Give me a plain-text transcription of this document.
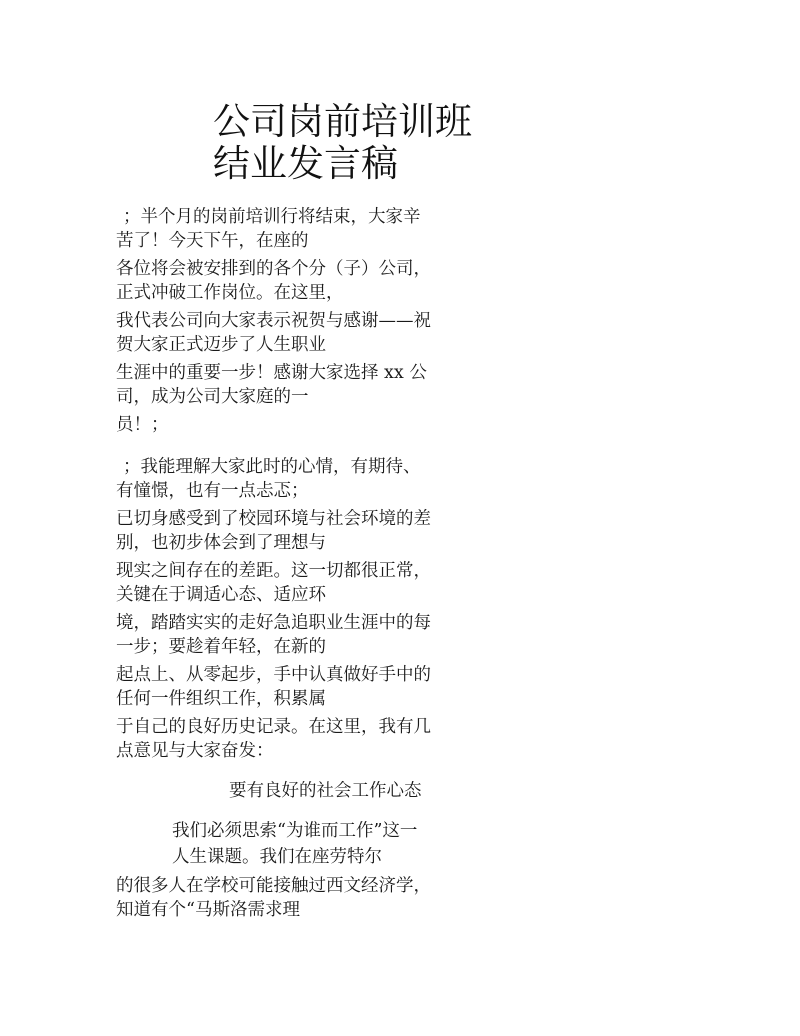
公司岗前培训班
结业发言稿
；半个月的岗前培训行将结束，大家辛
苦了！今天下午，在座的
各位将会被安排到的各个分（子）公司，
正式冲破工作岗位。在这里，
我代表公司向大家表示祝贺与感谢——祝
贺大家正式迈步了人生职业
生涯中的重要一步！感谢大家选择 xx 公
司，成为公司大家庭的一
员！；
；我能理解大家此时的心情，有期待、
有憧憬，也有一点忐忑；
已切身感受到了校园环境与社会环境的差
别，也初步体会到了理想与
现实之间存在的差距。这一切都很正常，
关键在于调适心态、适应环
境，踏踏实实的走好急追职业生涯中的每
一步；要趁着年轻，在新的
起点上、从零起步，手中认真做好手中的
任何一件组织工作，积累属
于自己的良好历史记录。在这里，我有几
点意见与大家奋发：
要有良好的社会工作心态
我们必须思索“为谁而工作”这一
人生课题。我们在座劳特尔
的很多人在学校可能接触过西文经济学，
知道有个“马斯洛需求理
